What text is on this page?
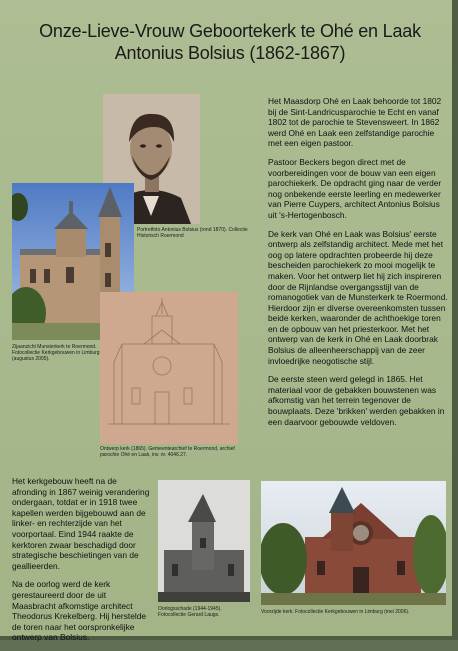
Onze-Lieve-Vrouw Geboortekerk te Ohé en Laak
Antonius Bolsius (1862-1867)
Portretfoto Antonius Bolsius (rond 1870). Collectie Historisch Roermond
Zijaanzicht Munsterkerk te Roermond. Fotocollectie Kerkgebouwen in Limburg (augustus 2005).
Ontwerp kerk (1865). Gemeentearchief te Roermond, archief parochie Ohé en Laak, inv. nr. 4046.27.

Het Maasdorp Ohé en Laak behoorde tot 1802 bij de Sint-Landricusparochie te Echt en vanaf 1802 tot de parochie te Stevensweert. In 1862 werd Ohé en Laak een zelfstandige parochie met een eigen pastoor.

Pastoor Beckers begon direct met de voorbereidingen voor de bouw van een eigen parochiekerk. De opdracht ging naar de verder nog onbekende eerste leerling en medewerker van Pierre Cuypers, architect Antonius Bolsius uit 's-Hertogenbosch.

De kerk van Ohé en Laak was Bolsius' eerste ontwerp als zelfstandig architect. Mede met het oog op latere opdrachten probeerde hij deze bescheiden parochiekerk zo mooi mogelijk te maken. Voor het ontwerp liet hij zich inspireren door de Rijnlandse overgangsstijl van de romanogotiek van de Munsterkerk te Roermond. Hierdoor zijn er diverse overeenkomsten tussen beide kerken, waaronder de achthoekige toren en de opbouw van het priesterkoor. Met het ontwerp van de kerk in Ohé en Laak doorbrak Bolsius de alleenheerschappij van de zeer invloedrijke neogotische stijl.

De eerste steen werd gelegd in 1865. Het materiaal voor de gebakken bouwstenen was afkomstig van het terrein tegenover de bouwplaats. Deze 'brikken' werden gebakken in een daarvoor gebouwde veldoven.

Het kerkgebouw heeft na de afronding in 1867 weinig verandering ondergaan, totdat er in 1918 twee kapellen werden bijgebouwd aan de linker- en rechterzijde van het voorportaal. Eind 1944 raakte de kerktoren zwaar beschadigd door strategische beschietingen van de geallieerden.

Na de oorlog werd de kerk gerestaureerd door de uit Maasbracht afkomstige architect Theodorus Krekelberg. Hij herstelde de toren naar het oorspronkelijke ontwerp van Bolsius.

Oorlogsschade (1944-1945). Fotocollectie Gerard Laugs.	Voorzijde kerk. Fotocollectie Kerkgebouwen in Limburg (mei 2006).
